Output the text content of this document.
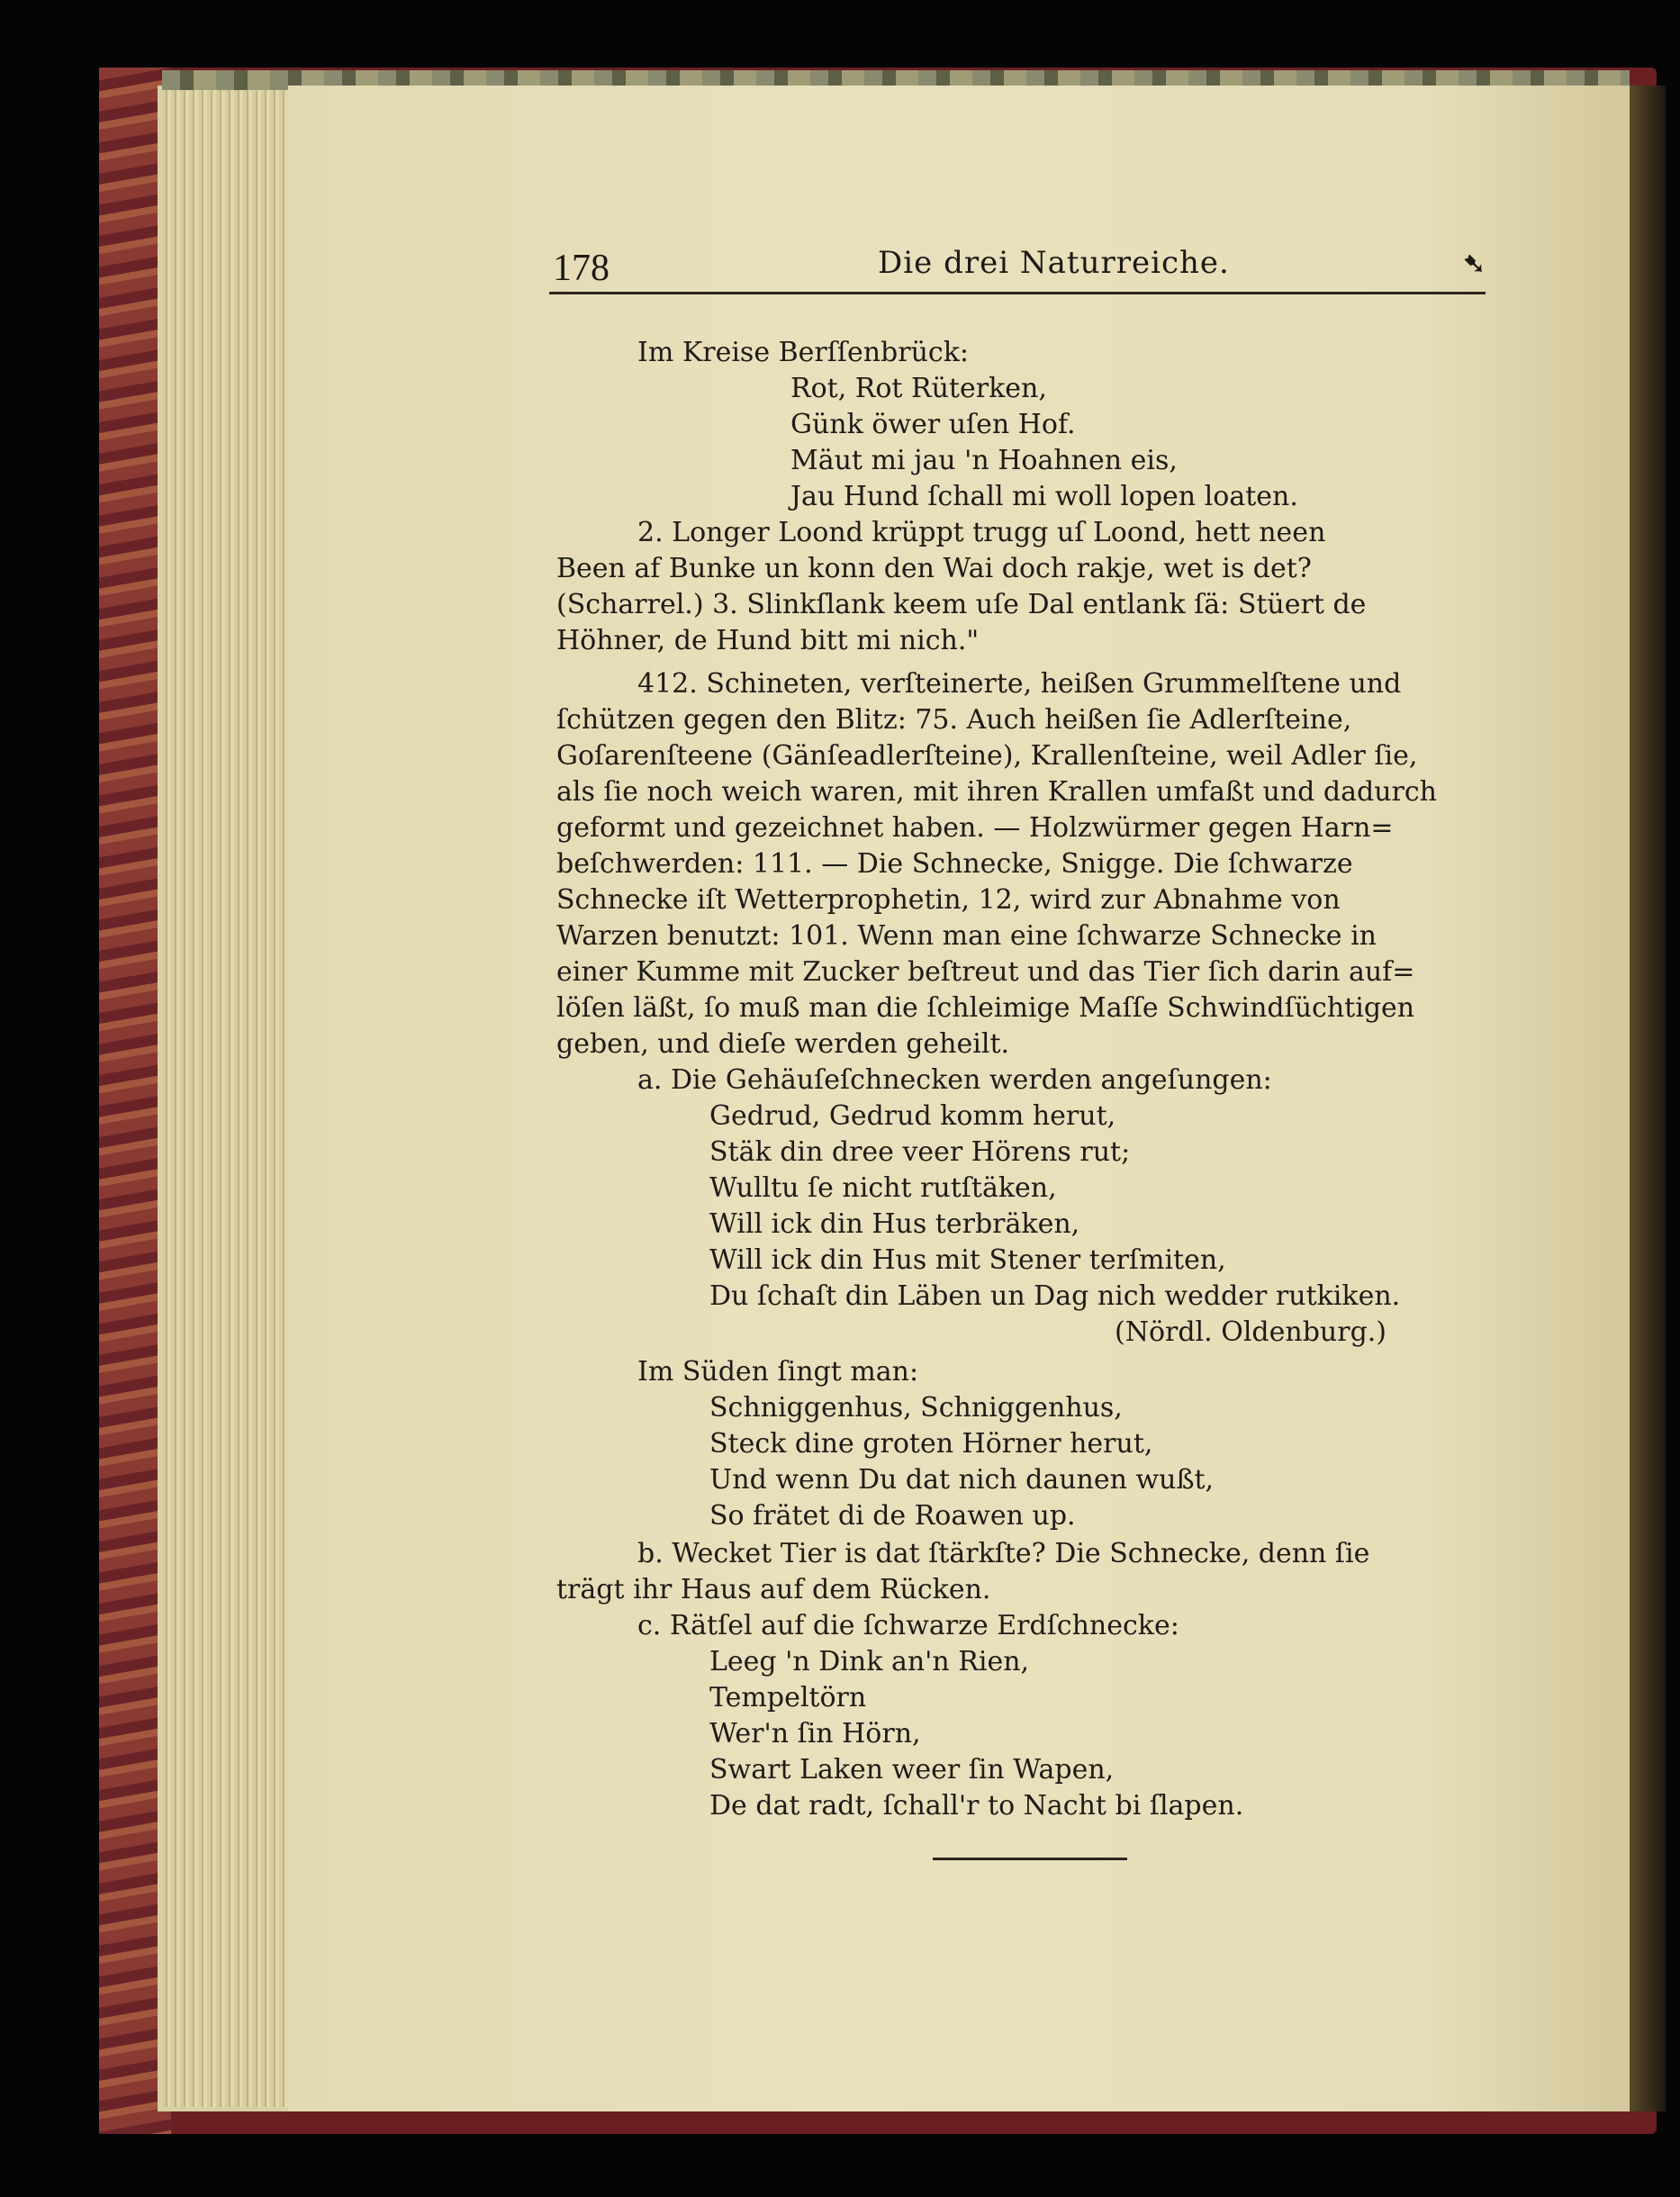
178	Die drei Naturreiche.	➷
Im Kreise Berſſenbrück:
Rot, Rot Rüterken,
Günk öwer uſen Hof.
Mäut mi jau 'n Hoahnen eis,
Jau Hund ſchall mi woll lopen loaten.
2. Longer Loond krüppt trugg uſ Loond, hett neen
Been af Bunke un konn den Wai doch rakje, wet is det?
(Scharrel.) 3. Slinkſlank keem uſe Dal entlank ſä: Stüert de
Höhner, de Hund bitt mi nich."
412. Schineten, verſteinerte, heißen Grummelſtene und
ſchützen gegen den Blitz: 75. Auch heißen ſie Adlerſteine,
Goſarenſteene (Gänſeadlerſteine), Krallenſteine, weil Adler ſie,
als ſie noch weich waren, mit ihren Krallen umfaßt und dadurch
geformt und gezeichnet haben. — Holzwürmer gegen Harn=
beſchwerden: 111. — Die Schnecke, Snigge. Die ſchwarze
Schnecke iſt Wetterprophetin, 12, wird zur Abnahme von
Warzen benutzt: 101. Wenn man eine ſchwarze Schnecke in
einer Kumme mit Zucker beſtreut und das Tier ſich darin auf=
löſen läßt, ſo muß man die ſchleimige Maſſe Schwindſüchtigen
geben, und dieſe werden geheilt.
a. Die Gehäuſeſchnecken werden angeſungen:
Gedrud, Gedrud komm herut,
Stäk din dree veer Hörens rut;
Wulltu ſe nicht rutſtäken,
Will ick din Hus terbräken,
Will ick din Hus mit Stener terſmiten,
Du ſchaſt din Läben un Dag nich wedder rutkiken.
(Nördl. Oldenburg.)
Im Süden ſingt man:
Schniggenhus, Schniggenhus,
Steck dine groten Hörner herut,
Und wenn Du dat nich daunen wußt,
So frätet di de Roawen up.
b. Wecket Tier is dat ſtärkſte? Die Schnecke, denn ſie
trägt ihr Haus auf dem Rücken.
c. Rätſel auf die ſchwarze Erdſchnecke:
Leeg 'n Dink an'n Rien,
Tempeltörn
Wer'n ſin Hörn,
Swart Laken weer ſin Wapen,
De dat radt, ſchall'r to Nacht bi ſlapen.
